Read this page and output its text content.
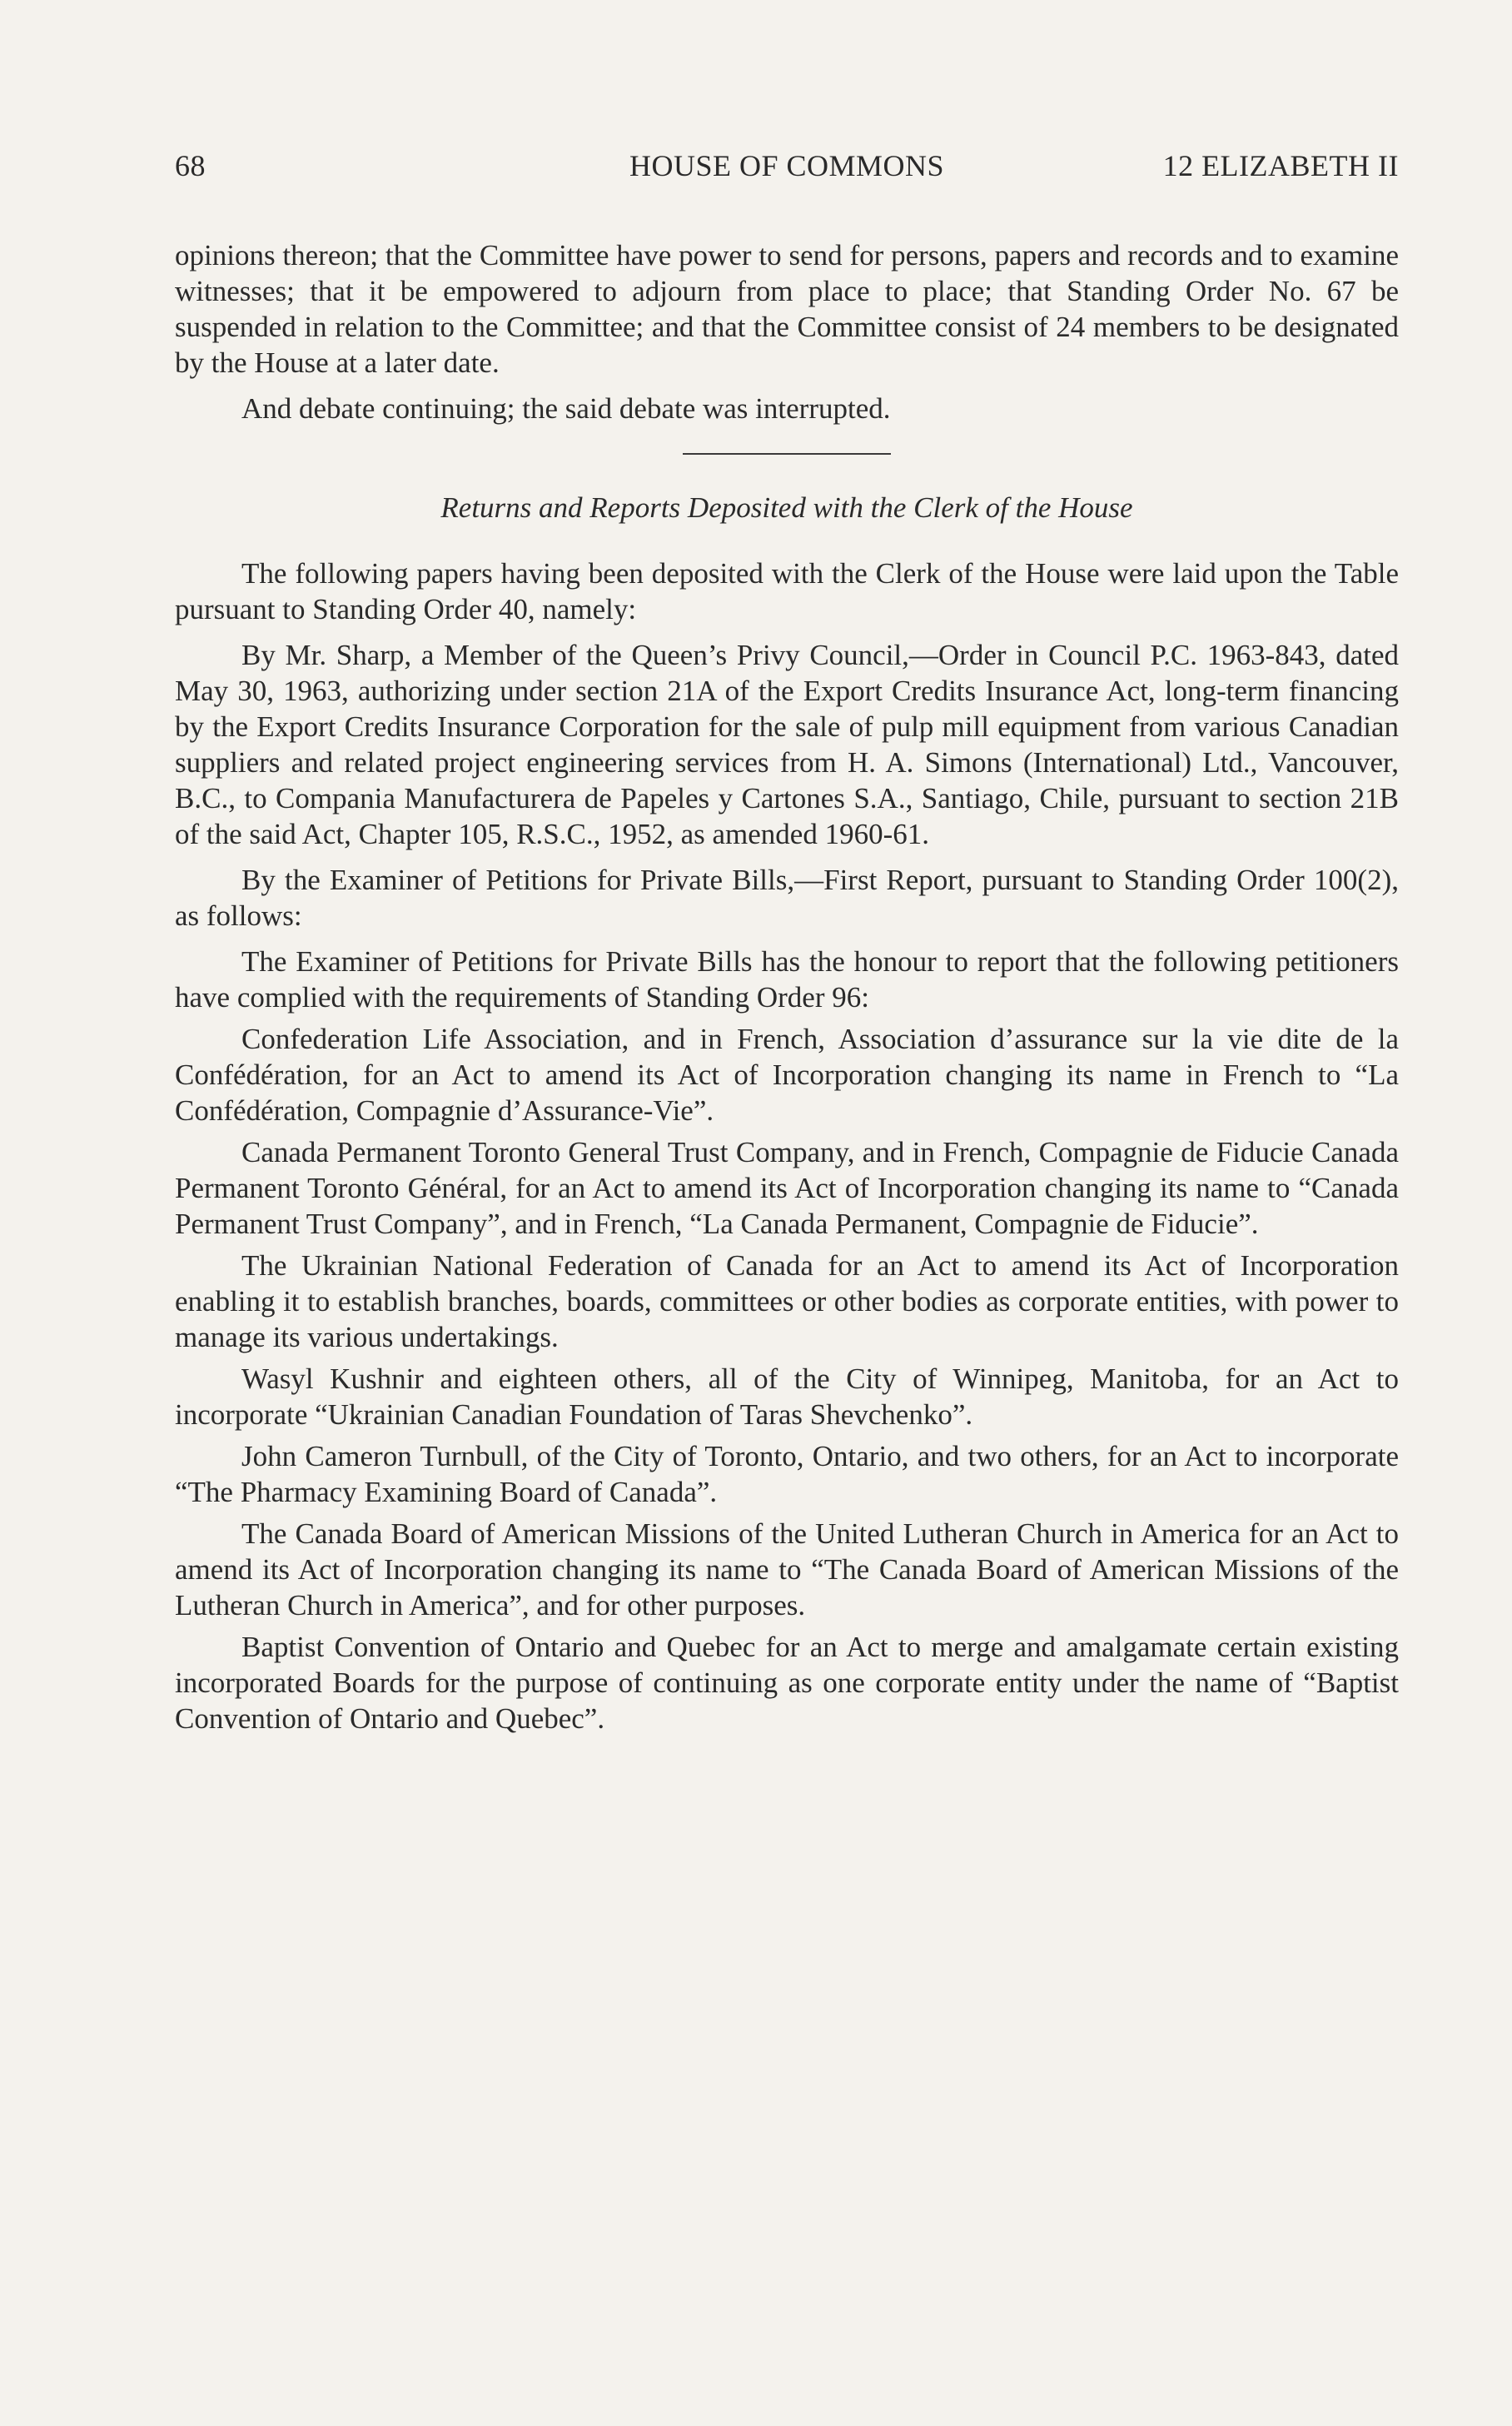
68	HOUSE OF COMMONS	12 ELIZABETH II

opinions thereon; that the Committee have power to send for persons, papers and records and to examine witnesses; that it be empowered to adjourn from place to place; that Standing Order No. 67 be suspended in relation to the Committee; and that the Committee consist of 24 members to be designated by the House at a later date.

And debate continuing; the said debate was interrupted.

Returns and Reports Deposited with the Clerk of the House

The following papers having been deposited with the Clerk of the House were laid upon the Table pursuant to Standing Order 40, namely:

By Mr. Sharp, a Member of the Queen’s Privy Council,—Order in Council P.C. 1963-843, dated May 30, 1963, authorizing under section 21A of the Export Credits Insurance Act, long-term financing by the Export Credits Insurance Corporation for the sale of pulp mill equipment from various Canadian suppliers and related project engineering services from H. A. Simons (International) Ltd., Vancouver, B.C., to Compania Manufacturera de Papeles y Cartones S.A., Santiago, Chile, pursuant to section 21B of the said Act, Chapter 105, R.S.C., 1952, as amended 1960-61.

By the Examiner of Petitions for Private Bills,—First Report, pursuant to Standing Order 100(2), as follows:

The Examiner of Petitions for Private Bills has the honour to report that the following petitioners have complied with the requirements of Standing Order 96:

Confederation Life Association, and in French, Association d’assurance sur la vie dite de la Confédération, for an Act to amend its Act of Incorporation changing its name in French to “La Confédération, Compagnie d’Assurance-Vie”.

Canada Permanent Toronto General Trust Company, and in French, Compagnie de Fiducie Canada Permanent Toronto Général, for an Act to amend its Act of Incorporation changing its name to “Canada Permanent Trust Company”, and in French, “La Canada Permanent, Compagnie de Fiducie”.

The Ukrainian National Federation of Canada for an Act to amend its Act of Incorporation enabling it to establish branches, boards, committees or other bodies as corporate entities, with power to manage its various undertakings.

Wasyl Kushnir and eighteen others, all of the City of Winnipeg, Manitoba, for an Act to incorporate “Ukrainian Canadian Foundation of Taras Shevchenko”.

John Cameron Turnbull, of the City of Toronto, Ontario, and two others, for an Act to incorporate “The Pharmacy Examining Board of Canada”.

The Canada Board of American Missions of the United Lutheran Church in America for an Act to amend its Act of Incorporation changing its name to “The Canada Board of American Missions of the Lutheran Church in America”, and for other purposes.

Baptist Convention of Ontario and Quebec for an Act to merge and amalgamate certain existing incorporated Boards for the purpose of continuing as one corporate entity under the name of “Baptist Convention of Ontario and Quebec”.
